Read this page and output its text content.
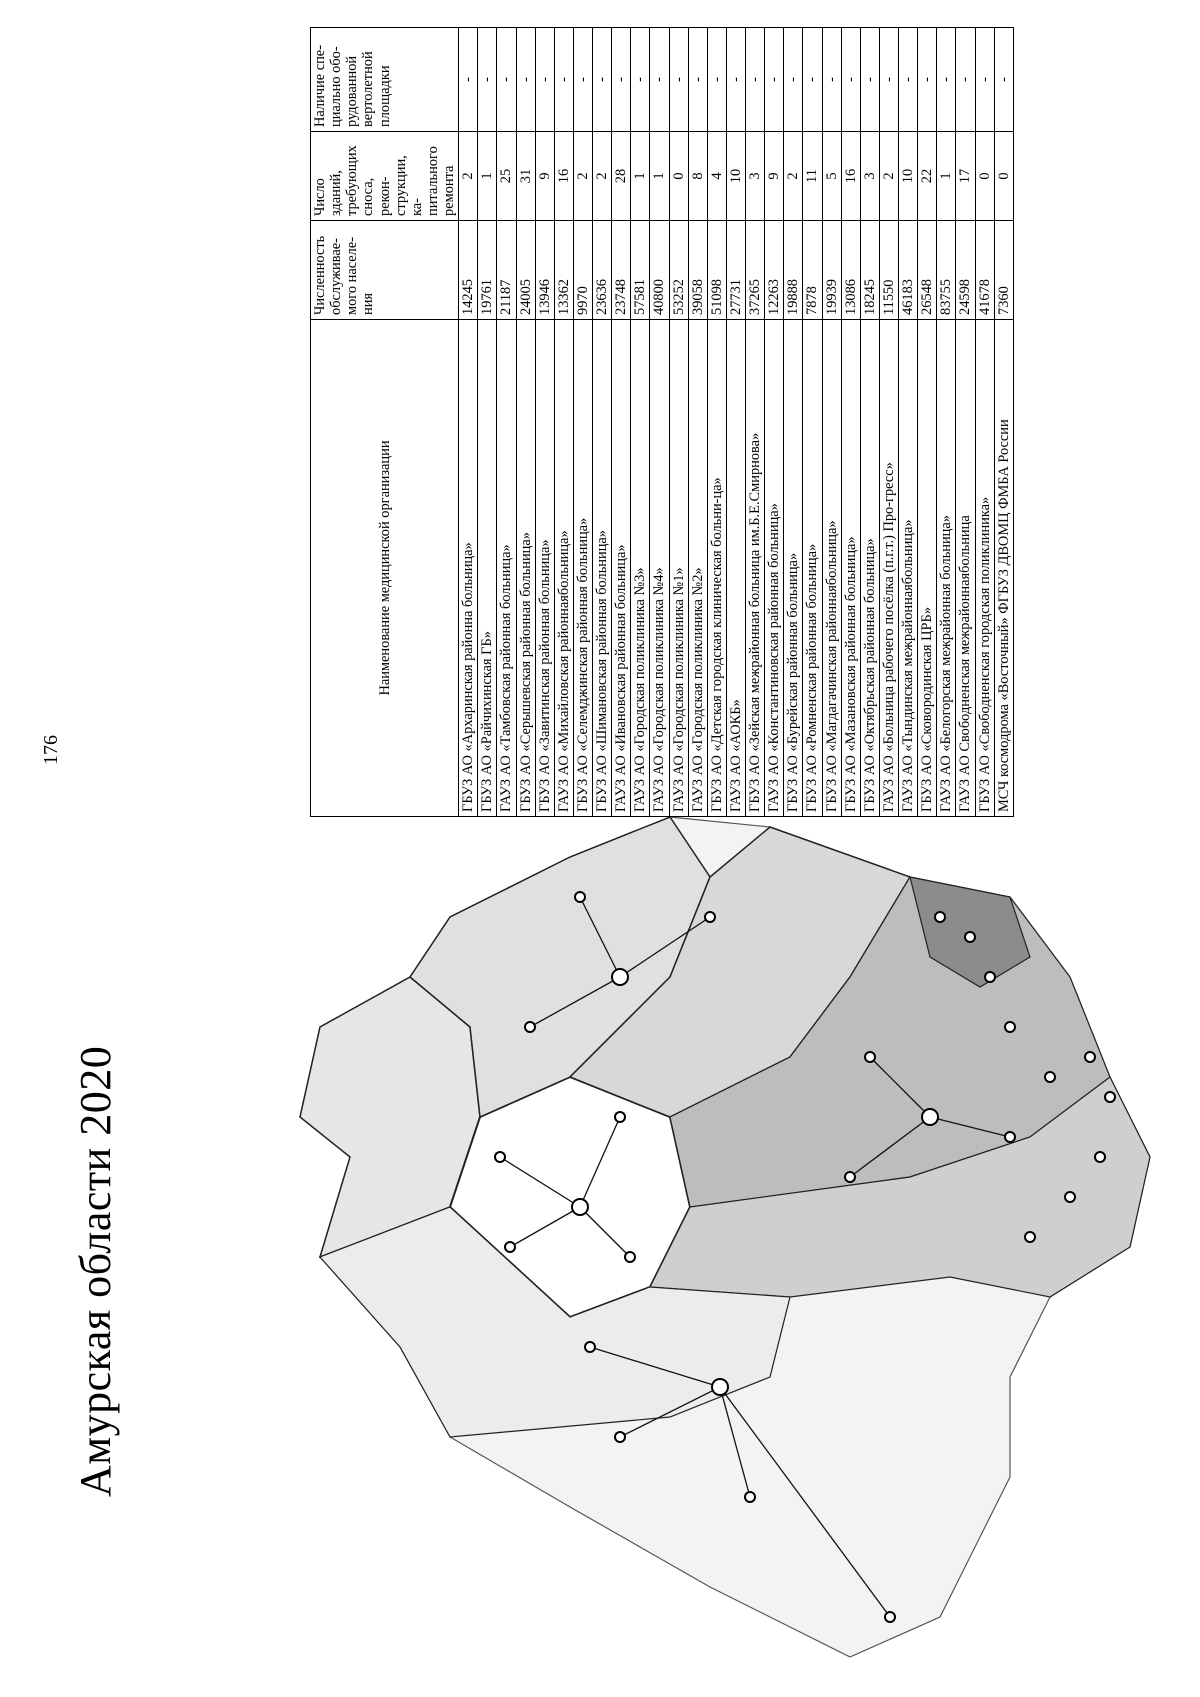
Амурская области 2020
176
Наименование медицинской организации	Численность обслуживае-мого населе-ния	Число зданий, требующих сноса, рекон-струкции, ка-питального ремонта	Наличие спе-циально обо-рудованной вертолетной площадки
ГБУЗ АО «Архаринская районна больница»	14245	2	-
ГБУЗ АО «Райчихинская ГБ»	19761	1	-
ГАУЗ АО «Тамбовская районная больница»	21187	25	-
ГБУЗ АО «Серышевская районная больница»	24005	31	-
ГБУЗ АО «Завитинская районная больница»	13946	9	-
ГАУЗ АО «Михайловская районнаябольница»	13362	16	-
ГБУЗ АО «Селемджинская районная больница»	9970	2	-
ГБУЗ АО «Шимановская районная больница»	23636	2	-
ГАУЗ АО «Ивановская районная больница»	23748	28	-
ГАУЗ АО «Городская поликлиника №3»	57581	1	-
ГАУЗ АО «Городская поликлиника №4»	40800	1	-
ГАУЗ АО «Городская поликлиника №1»	53252	0	-
ГАУЗ АО «Городская поликлиника №2»	39058	8	-
ГБУЗ АО «Детская городская клиническая больни-ца»	51098	4	-
ГАУЗ АО «АОКБ»	27731	10	-
ГБУЗ АО «Зейская межрайонная больница им.Б.Е.Смирнова»	37265	3	-
ГАУЗ АО «Константиновская районная больница»	12263	9	-
ГБУЗ АО «Бурейская районная больница»	19888	2	-
ГБУЗ АО «Ромненская районная больница»	7878	11	-
ГБУЗ АО «Магдагачинская районнаябольница»	19939	5	-
ГБУЗ АО «Мазановская районная больница»	13086	16	-
ГБУЗ АО «Октябрьская районная больница»	18245	3	-
ГАУЗ АО «Больница рабочего посёлка (п.г.т.) Про-гресс»	11550	2	-
ГАУЗ АО «Тындинская межрайоннаябольница»	46183	10	-
ГБУЗ АО «Сковородинская ЦРБ»	26548	22	-
ГАУЗ АО «Белогорская межрайонная больница»	83755	1	-
ГАУЗ АО Свободненская межрайоннаябольница	24598	17	-
ГБУЗ АО «Свободненская городская поликлиника»	41678	0	-
МСЧ космодрома «Восточный» ФГБУЗ ДВОМЦ ФМБА России	7360	0	-
